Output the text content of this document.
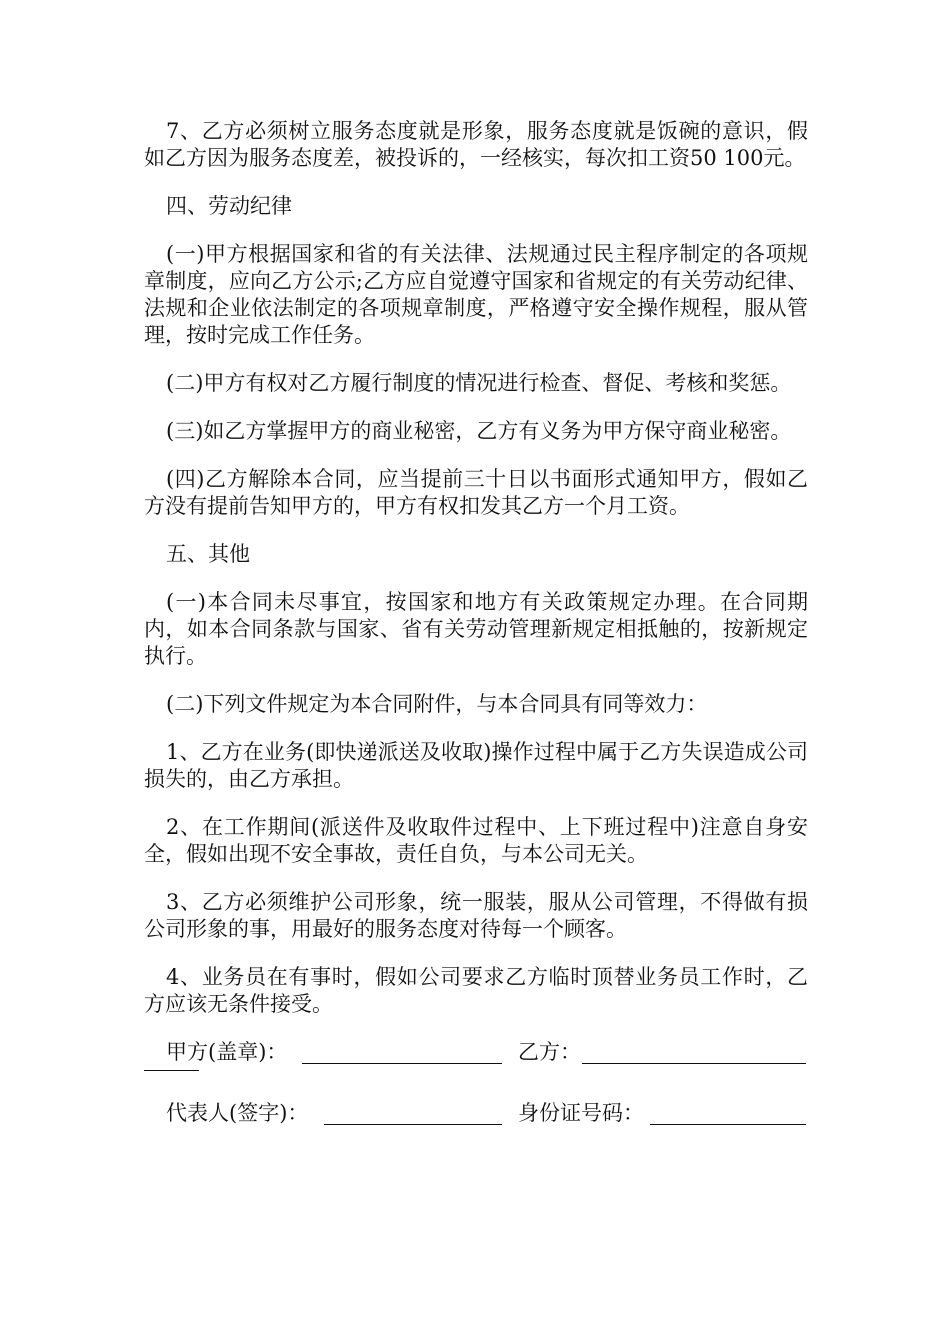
7、乙方必须树立服务态度就是形象，服务态度就是饭碗的意识，假如乙方因为服务态度差，被投诉的，一经核实，每次扣工资50 100元。

四、劳动纪律

(一)甲方根据国家和省的有关法律、法规通过民主程序制定的各项规章制度，应向乙方公示;乙方应自觉遵守国家和省规定的有关劳动纪律、法规和企业依法制定的各项规章制度，严格遵守安全操作规程，服从管理，按时完成工作任务。

(二)甲方有权对乙方履行制度的情况进行检查、督促、考核和奖惩。

(三)如乙方掌握甲方的商业秘密，乙方有义务为甲方保守商业秘密。

(四)乙方解除本合同，应当提前三十日以书面形式通知甲方，假如乙方没有提前告知甲方的，甲方有权扣发其乙方一个月工资。

五、其他

(一)本合同未尽事宜，按国家和地方有关政策规定办理。在合同期内，如本合同条款与国家、省有关劳动管理新规定相抵触的，按新规定执行。

(二)下列文件规定为本合同附件，与本合同具有同等效力：

1、乙方在业务(即快递派送及收取)操作过程中属于乙方失误造成公司损失的，由乙方承担。

2、在工作期间(派送件及收取件过程中、上下班过程中)注意自身安全，假如出现不安全事故，责任自负，与本公司无关。

3、乙方必须维护公司形象，统一服装，服从公司管理，不得做有损公司形象的事，用最好的服务态度对待每一个顾客。

4、业务员在有事时，假如公司要求乙方临时顶替业务员工作时，乙方应该无条件接受。

甲方(盖章)：	乙方：
代表人(签字)：	身份证号码：
